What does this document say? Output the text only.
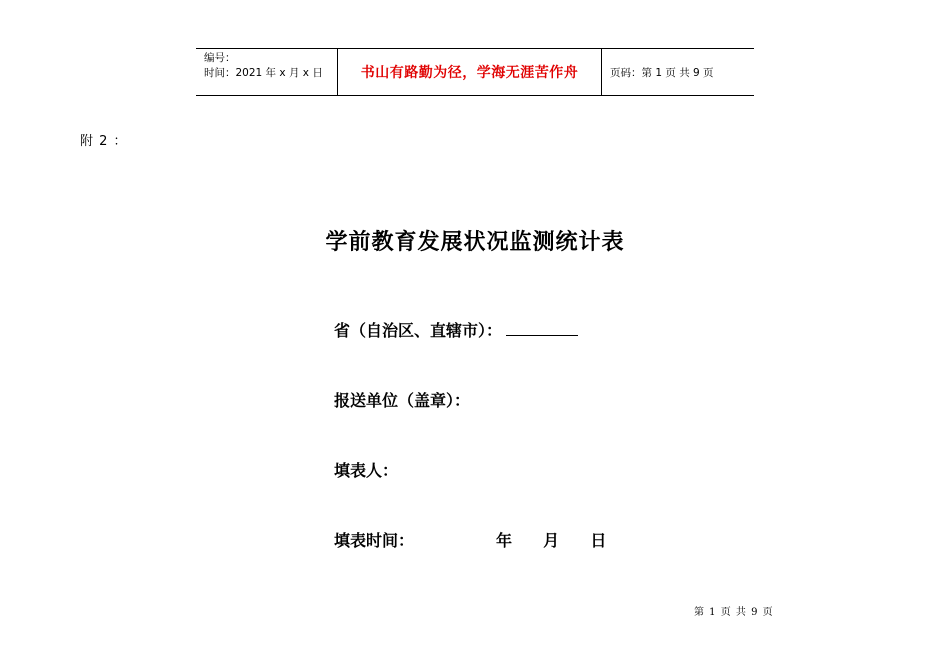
编号：
时间：2021 年 x 月 x 日	书山有路勤为径，学海无涯苦作舟	页码：第 1 页 共 9 页
附 2 ：
学前教育发展状况监测统计表
省（自治区、直辖市）：
报送单位（盖章）：
填表人：
填表时间：	年 月 日
第 1 页 共 9 页
